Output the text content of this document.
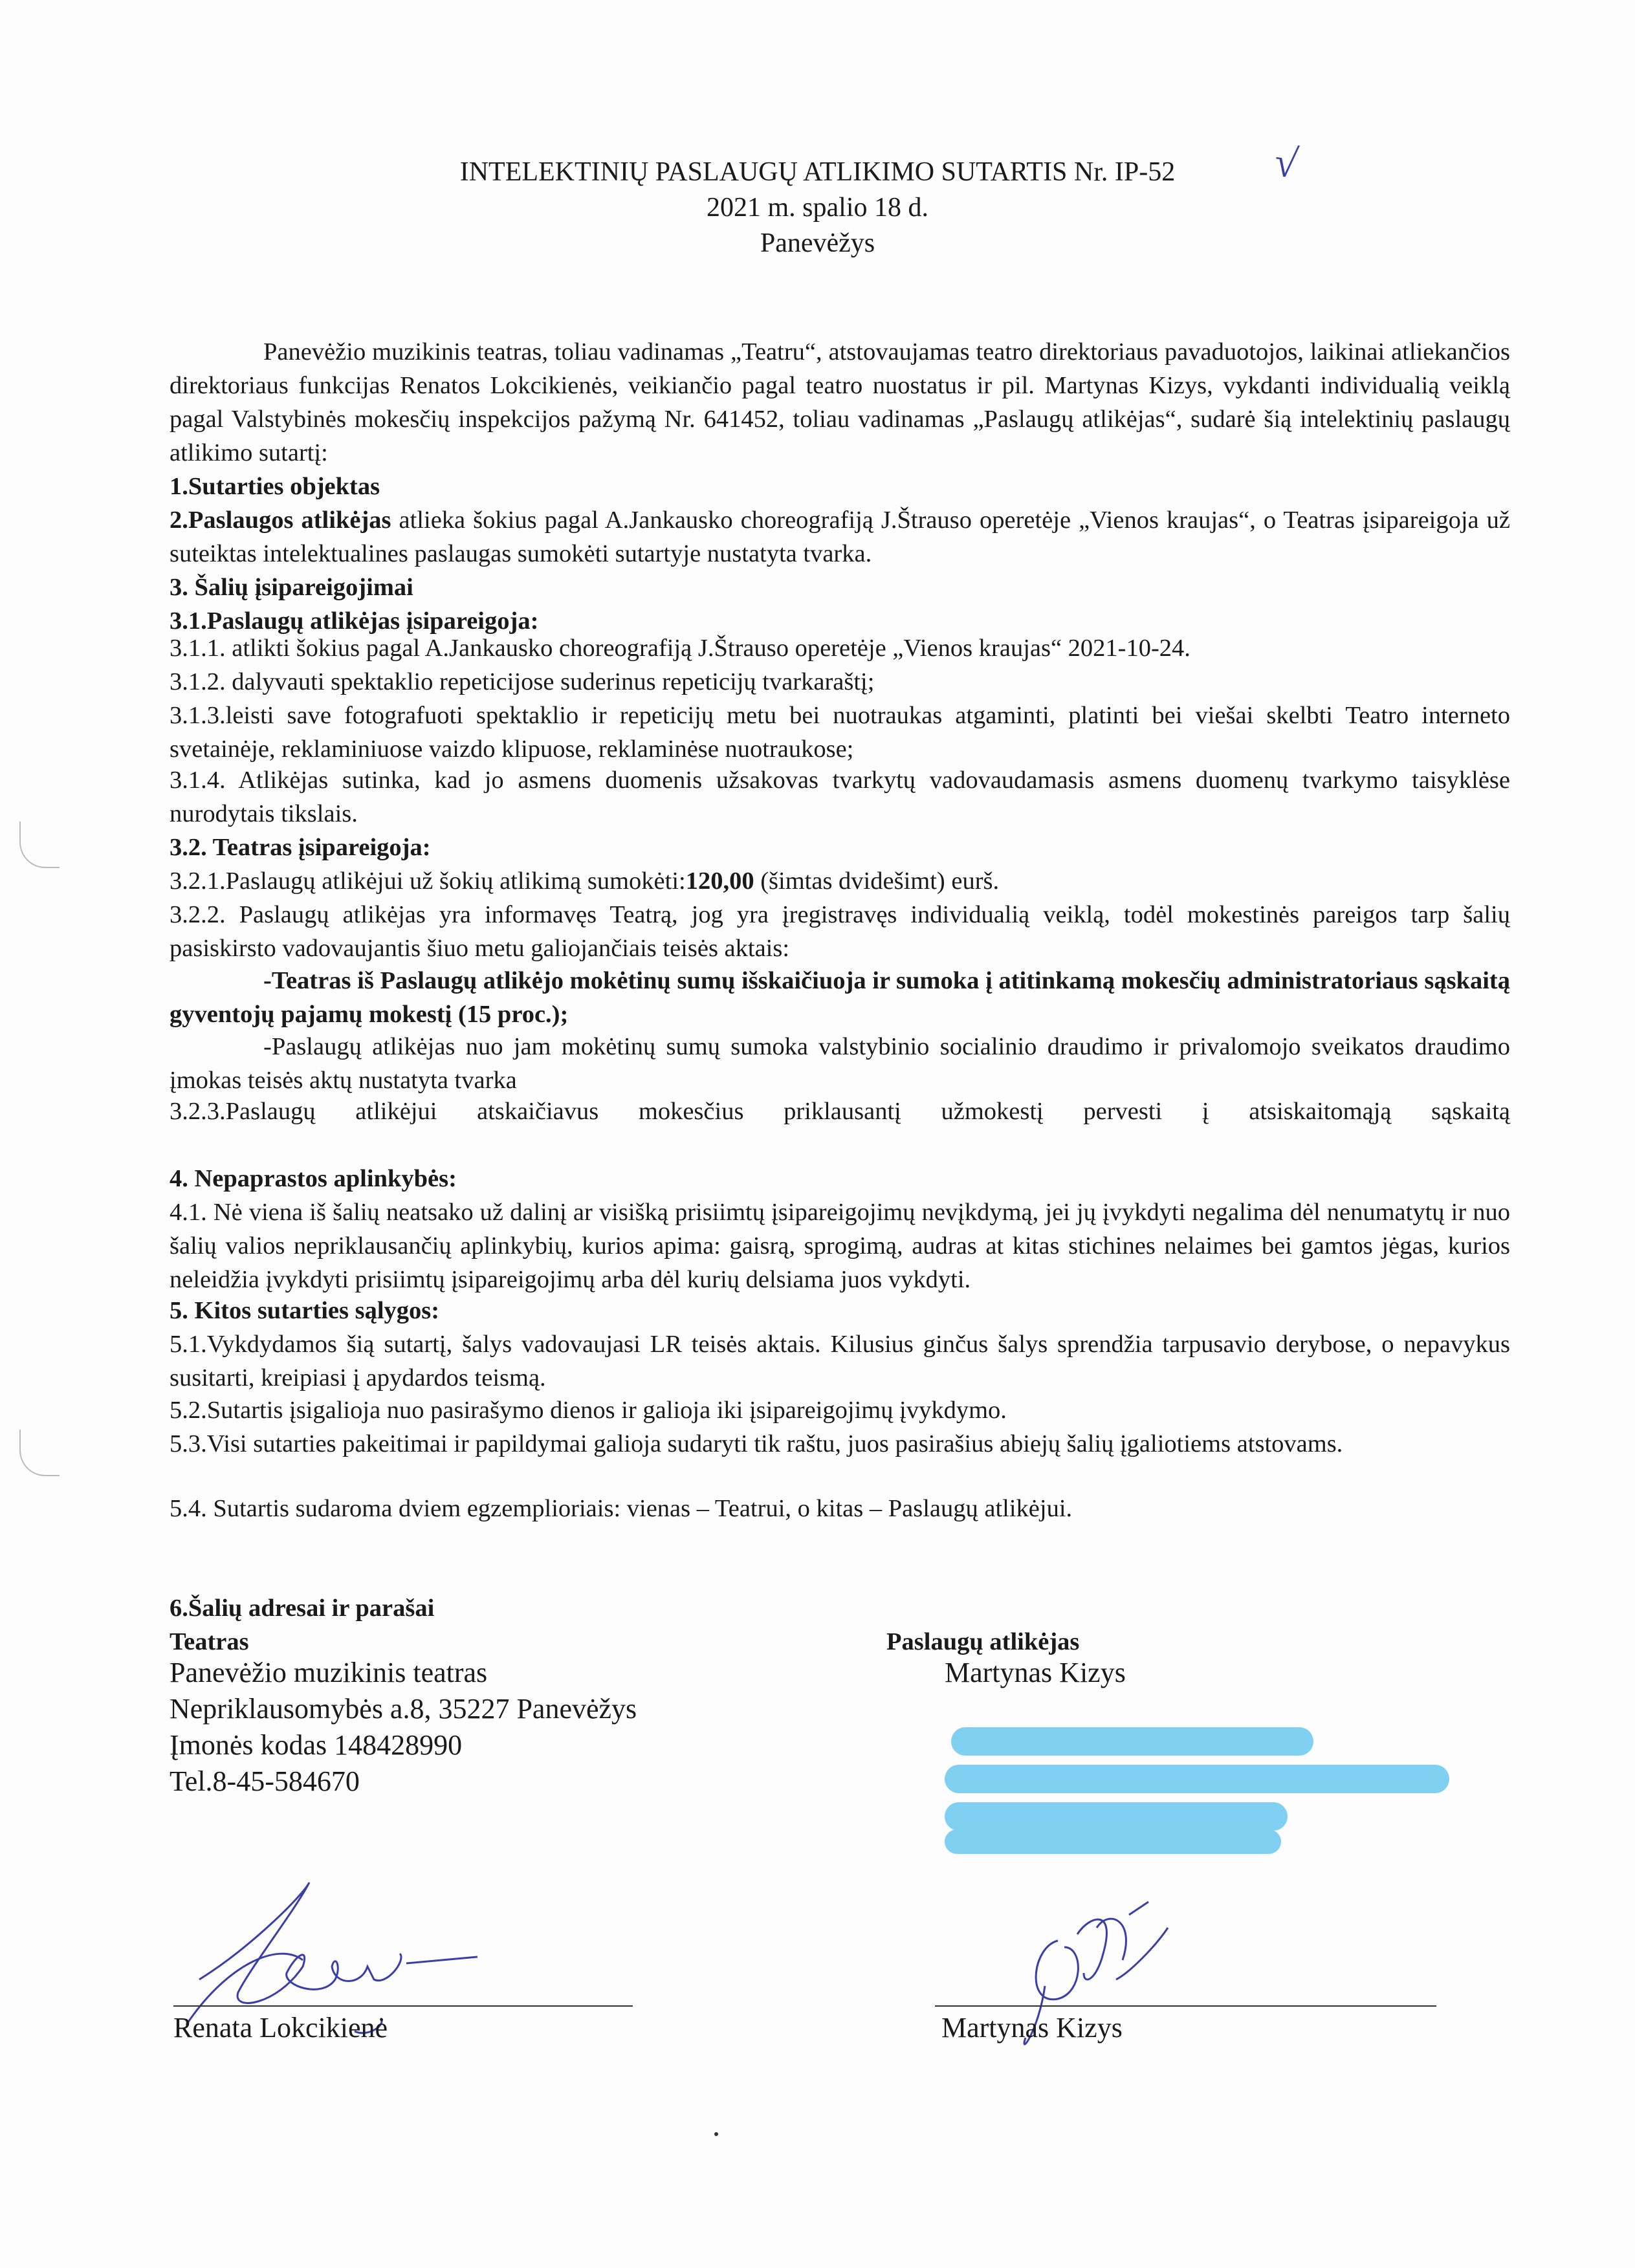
INTELEKTINIŲ PASLAUGŲ ATLIKIMO SUTARTIS Nr. IP-52
2021 m. spalio 18 d.
Panevėžys
√
Panevėžio muzikinis teatras, toliau vadinamas „Teatru“, atstovaujamas teatro direktoriaus pavaduotojos, laikinai atliekančios direktoriaus funkcijas Renatos Lokcikienės, veikiančio pagal teatro nuostatus ir pil. Martynas Kizys, vykdanti individualią veiklą pagal Valstybinės mokesčių inspekcijos pažymą Nr. 641452, toliau vadinamas „Paslaugų atlikėjas“, sudarė šią intelektinių paslaugų atlikimo sutartį:
1.Sutarties objektas
2.Paslaugos atlikėjas atlieka šokius pagal A.Jankausko choreografiją J.Štrauso operetėje „Vienos kraujas“, o Teatras įsipareigoja už suteiktas intelektualines paslaugas sumokėti sutartyje nustatyta tvarka.
3. Šalių įsipareigojimai
3.1.Paslaugų atlikėjas įsipareigoja:
3.1.1. atlikti šokius pagal A.Jankausko choreografiją J.Štrauso operetėje „Vienos kraujas“ 2021-10-24.
3.1.2. dalyvauti spektaklio repeticijose suderinus repeticijų tvarkaraštį;
3.1.3.leisti save fotografuoti spektaklio ir repeticijų metu bei nuotraukas atgaminti, platinti bei viešai skelbti Teatro interneto svetainėje, reklaminiuose vaizdo klipuose, reklaminėse nuotraukose;
3.1.4. Atlikėjas sutinka, kad jo asmens duomenis užsakovas tvarkytų vadovaudamasis asmens duomenų tvarkymo taisyklėse nurodytais tikslais.
3.2. Teatras įsipareigoja:
3.2.1.Paslaugų atlikėjui už šokių atlikimą sumokėti:120,00 (šimtas dvidešimt) eurš.
3.2.2. Paslaugų atlikėjas yra informavęs Teatrą, jog yra įregistravęs individualią veiklą, todėl mokestinės pareigos tarp šalių pasiskirsto vadovaujantis šiuo metu galiojančiais teisės aktais:
-Teatras iš Paslaugų atlikėjo mokėtinų sumų išskaičiuoja ir sumoka į atitinkamą mokesčių administratoriaus sąskaitą gyventojų pajamų mokestį (15 proc.);
-Paslaugų atlikėjas nuo jam mokėtinų sumų sumoka valstybinio socialinio draudimo ir privalomojo sveikatos draudimo įmokas teisės aktų nustatyta tvarka
3.2.3.Paslaugų atlikėjui atskaičiavus mokesčius priklausantį užmokestį pervesti į atsiskaitomąją sąskaitą
4. Nepaprastos aplinkybės:
4.1. Nė viena iš šalių neatsako už dalinį ar visišką prisiimtų įsipareigojimų nevįkdymą, jei jų įvykdyti negalima dėl nenumatytų ir nuo šalių valios nepriklausančių aplinkybių, kurios apima: gaisrą, sprogimą, audras at kitas stichines nelaimes bei gamtos jėgas, kurios neleidžia įvykdyti prisiimtų įsipareigojimų arba dėl kurių delsiama juos vykdyti.
5. Kitos sutarties sąlygos:
5.1.Vykdydamos šią sutartį, šalys vadovaujasi LR teisės aktais. Kilusius ginčus šalys sprendžia tarpusavio derybose, o nepavykus susitarti, kreipiasi į apydardos teismą.
5.2.Sutartis įsigalioja nuo pasirašymo dienos ir galioja iki įsipareigojimų įvykdymo.
5.3.Visi sutarties pakeitimai ir papildymai galioja sudaryti tik raštu, juos pasirašius abiejų šalių įgaliotiems atstovams.
5.4. Sutartis sudaroma dviem egzemplioriais: vienas – Teatrui, o kitas – Paslaugų atlikėjui.
6.Šalių adresai ir parašai
Teatras
Panevėžio muzikinis teatras
Nepriklausomybės a.8, 35227 Panevėžys
Įmonės kodas 148428990
Tel.8-45-584670
Paslaugų atlikėjas
Martynas Kizys
Renata Lokcikienė	Martynas Kizys
